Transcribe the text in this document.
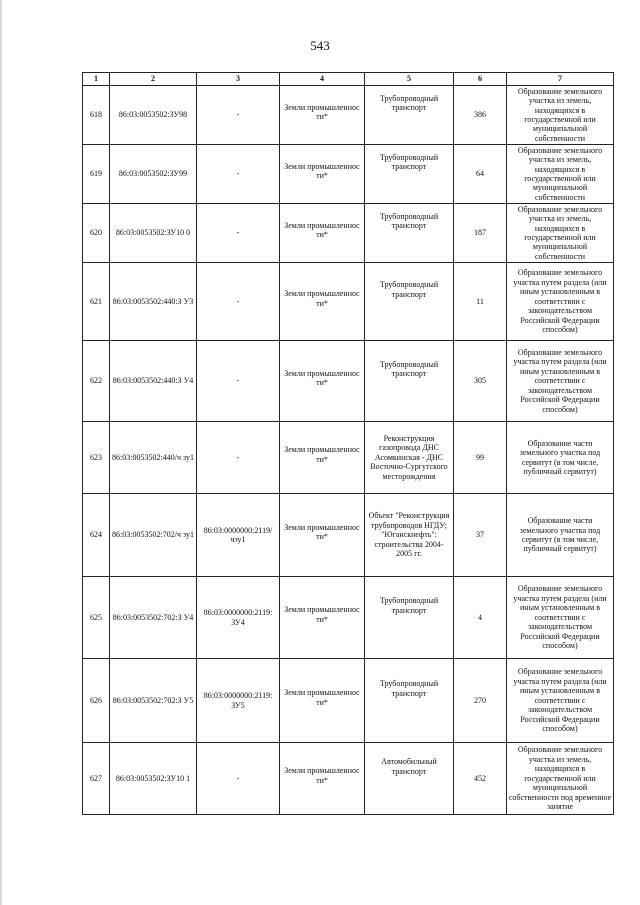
543
1	2	3	4	5	6	7
618	86:03:0053502:ЗУ98	-	Земли промышленнос ти*	Трубопроводный транспорт	386	Образование земельного участка из земель, находящихся в государственной или муниципальной собственности
619	86:03:0053502:ЗУ99	-	Земли промышленнос ти*	Трубопроводный транспорт	64	Образование земельного участка из земель, находящихся в государственной или муниципальной собственности
620	86:03:0053502:ЗУ10 0	-	Земли промышленнос ти*	Трубопроводный транспорт	187	Образование земельного участка из земель, находящихся в государственной или муниципальной собственности
621	86:03:0053502:440:З У3	-	Земли промышленнос ти*	Трубопроводный транспорт	11	Образование земельного участка путем раздела (или иным установленным в соответствии с законодательством Российской Федерации способом)
622	86:03:0053502:440:З У4	-	Земли промышленнос ти*	Трубопроводный транспорт	305	Образование земельного участка путем раздела (или иным установленным в соответствии с законодательством Российской Федерации способом)
623	86:03:0053502:440/ч зу1	-	Земли промышленнос ти*	Реконструкция газопровода ДНС Асомкинская - ДНС Восточно-Сургутского месторождения	99	Образование части земельного участка под сервитут (в том числе, публичный сервитут)
624	86:03:0053502:702/ч зу1	86:03:0000000:2119/ чзу1	Земли промышленнос ти*	Объект "Реконструкция трубопроводов НГДУ; "Юганскнефть": строительства 2004-2005 гг.	37	Образование части земельного участка под сервитут (в том числе, публичный сервитут)
625	86:03:0053502:702:З У4	86:03:0000000:2119: ЗУ4	Земли промышленнос ти*	Трубопроводный транспорт	4	Образование земельного участка путем раздела (или иным установленным в соответствии с законодательством Российской Федерации способом)
626	86:03:0053502:702:З У5	86:03:0000000:2119: ЗУ5	Земли промышленнос ти*	Трубопроводный транспорт	270	Образование земельного участка путем раздела (или иным установленным в соответствии с законодательством Российской Федерации способом)
627	86:03:0053502:ЗУ10 1	-	Земли промышленнос ти*	Автомобильный транспорт	452	Образование земельного участка из земель, находящихся в государственной или муниципальной собственности под временное занятие
